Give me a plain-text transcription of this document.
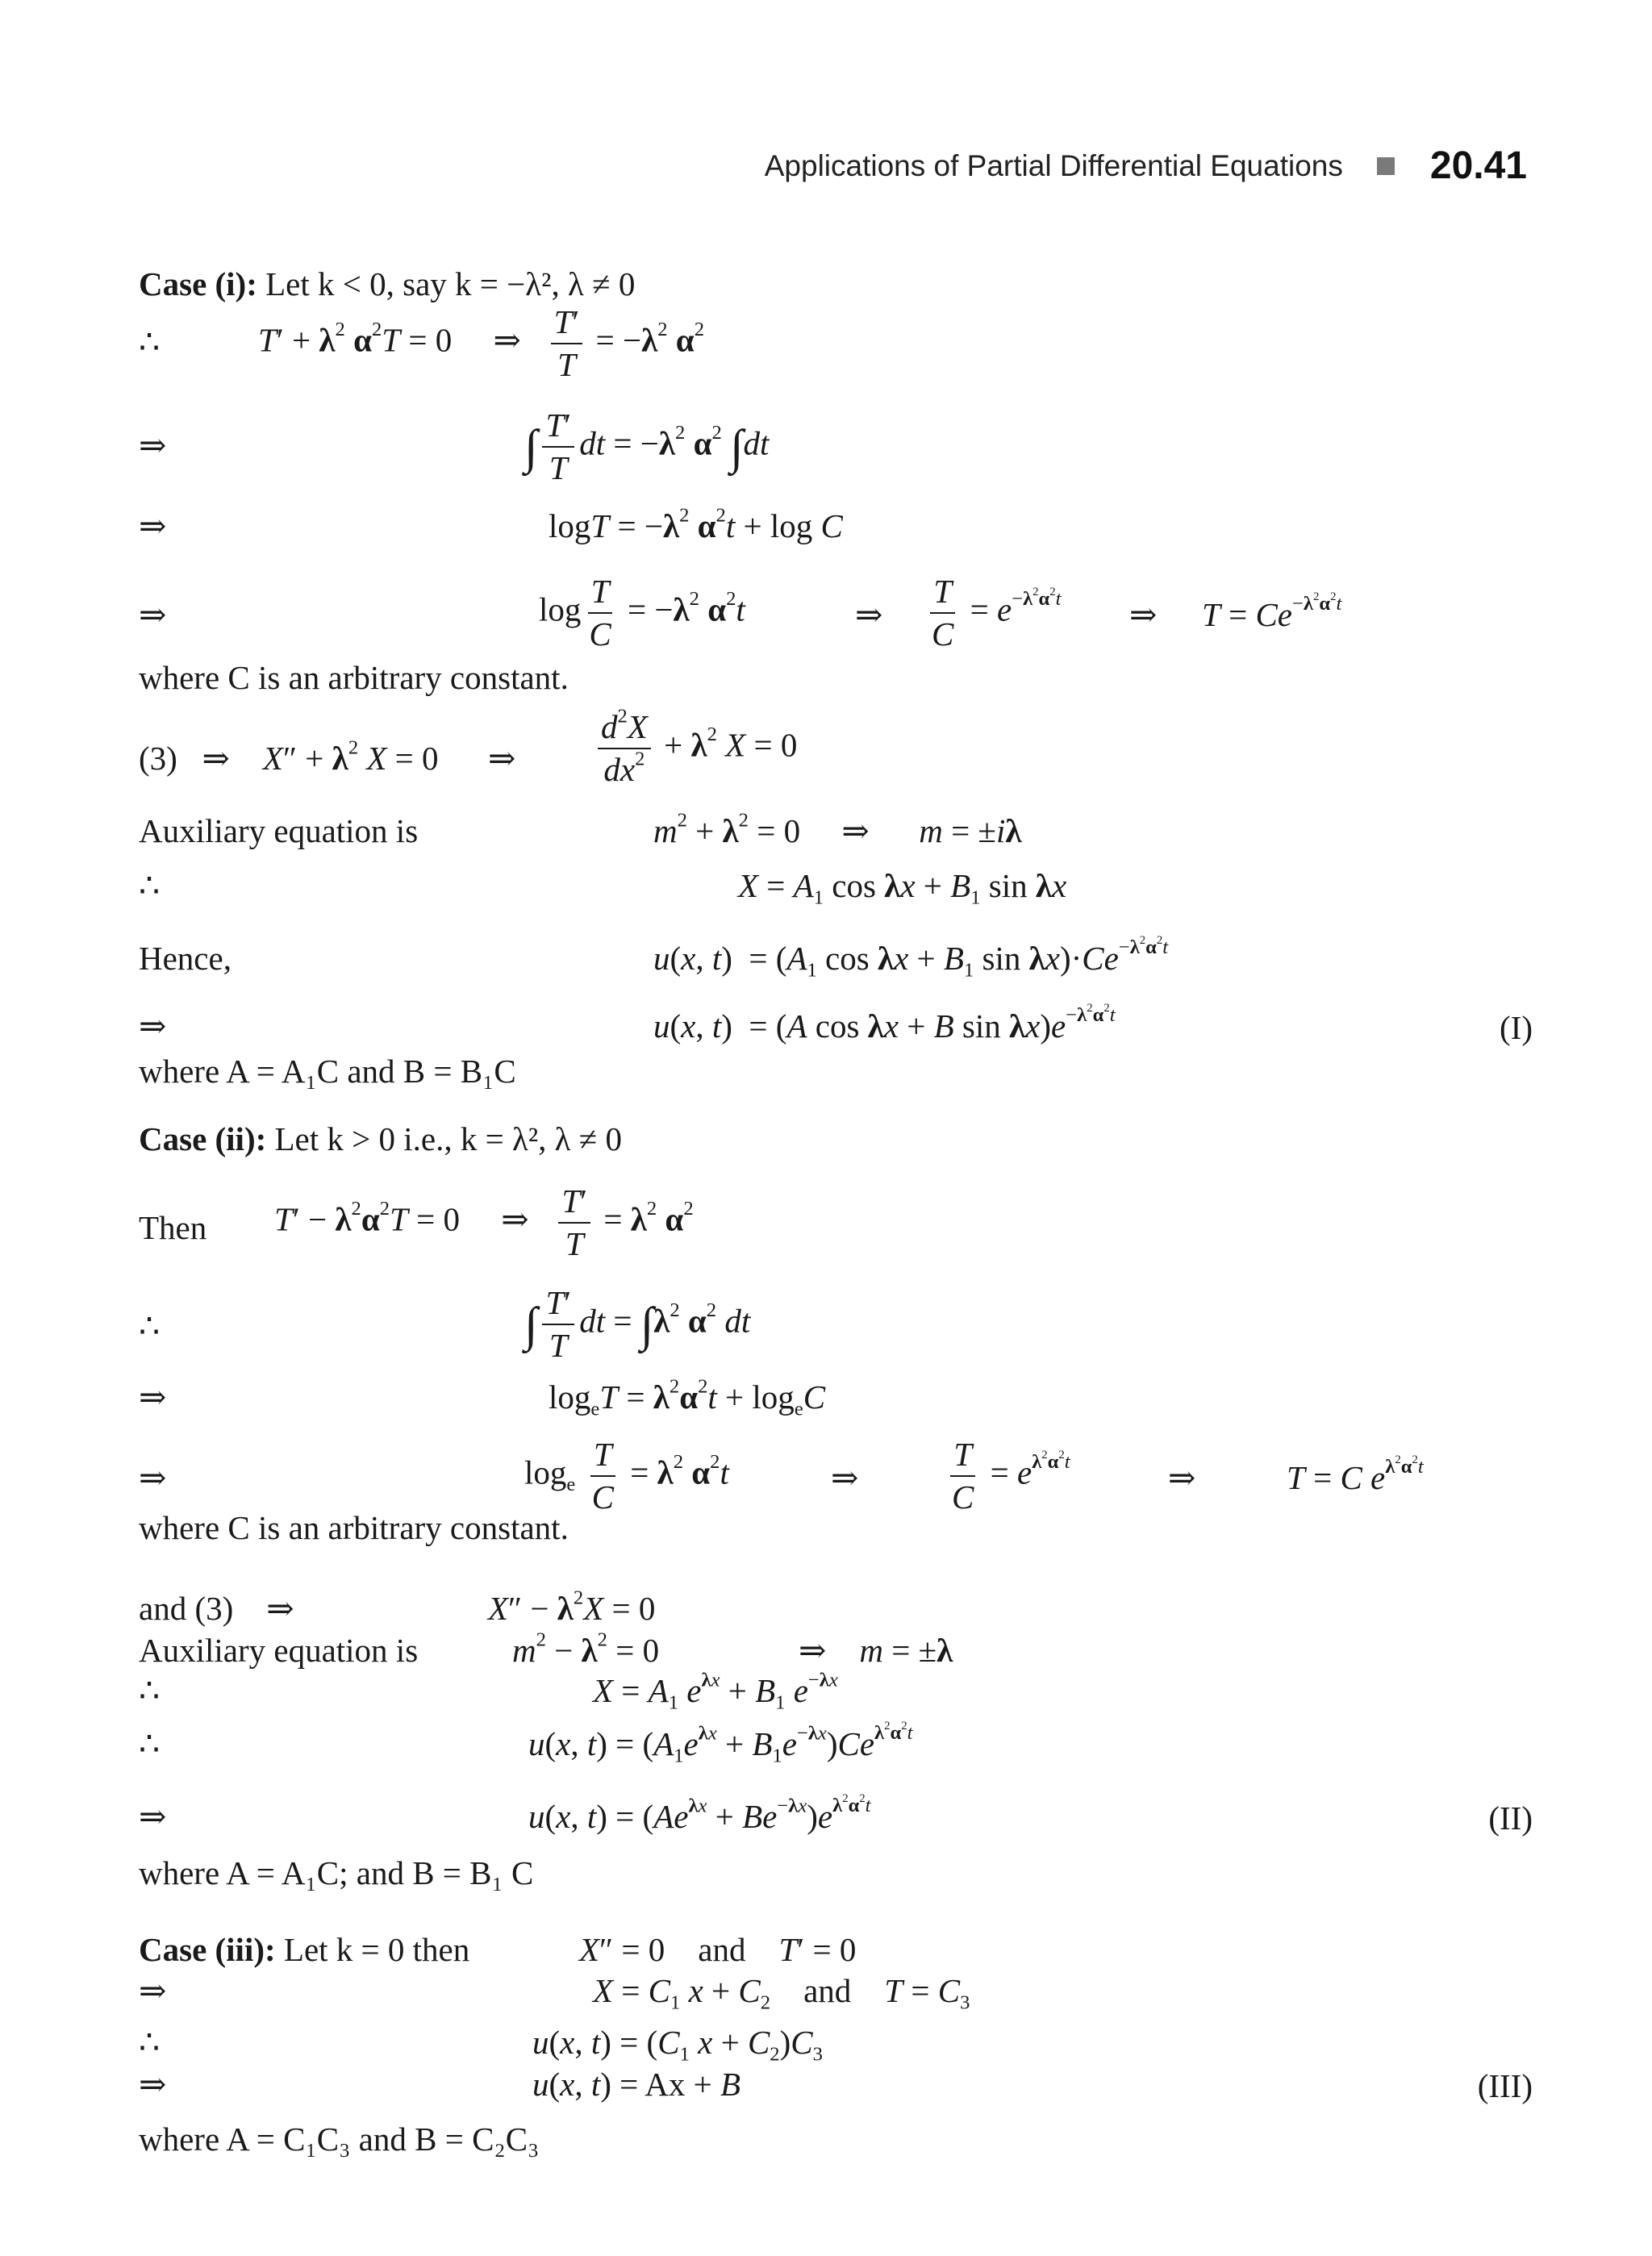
Applications of Partial Differential Equations 20.41
Case (i): Let k < 0, say k = −λ², λ ≠ 0
∴	$T' + \lambda^2$ $\alpha^2T = 0$     ⇒ $\frac{T'}{T} = -\lambda^2$ $\alpha^2$
⇒	∫ $\frac{T'}{T}$ dt = $-\lambda^2$ $\alpha^2$ ∫dt
⇒	$\log T = -\lambda^2$ $\alpha^2t + \log C$
⇒	$\log \frac{T}{C} = -\lambda^2$ $\alpha^2t$	⇒ $\frac{T}{C} = e^{-\lambda^2\alpha^2t}$ ⇒ $T = Ce^{-\lambda^2\alpha^2t}$
where C is an arbitrary constant.
(3)   ⇒    $X'' + \lambda^2$ X = 0      ⇒ $\frac{d^2X}{dx^2} + \lambda^2$ X = 0
Auxiliary equation is	$m^2 + \lambda^2 = 0$     ⇒      m = ±iλ
∴	$X = A_1$ $\cos \lambda x + B_1$ sin λx
Hence,	u(x, $t) = (A_1$ $\cos \lambda x + B_1$ $\sin \lambda x)\cdot Ce^{-\lambda^2\alpha^2t}$
⇒	u(x, t)  = (A cos λx + B $\sin \lambda x)e^{-\lambda^2\alpha^2t}$	(I)
where A = A₁C and B = B₁C
Case (ii): Let k > 0 i.e., k = λ², λ ≠ 0
Then $T' - \lambda^2\alpha^2T = 0$     ⇒ $\frac{T'}{T} = \lambda^2$ $\alpha^2$
∴	∫ $\frac{T'}{T}$ dt = $\int\lambda^2$ $\alpha^2$ dt
⇒	$\log_eT = \lambda^2\alpha^2t + \log_eC$
⇒	$\log_e \frac{T}{C} = \lambda^2$ $\alpha^2t$	⇒	$\frac{T}{C} = e^{\lambda^2\alpha^2t}$	⇒	T = C $e^{\lambda^2\alpha^2t}$
where C is an arbitrary constant.
and (3)    ⇒	$X'' - \lambda^2X = 0$
Auxiliary equation is	$m^2 - \lambda^2 = 0$	⇒    m = ±λ
∴	$X = A_1$ $e^{\lambda x} + B_1$ $e^{-\lambda x}$
∴	u(x, $t) = (A_1e^{\lambda x} + B_1e^{-\lambda x})Ce^{\lambda^2\alpha^2t}$
⇒	u(x, $t) = (Ae^{\lambda x} + Be^{-\lambda x})e^{\lambda^2\alpha^2t}$	(II)
where A = A₁C; and B = B₁ C
Case (iii): Let k = 0 then	X″ = 0    and    T′ = 0
⇒	$X = C_1$ $x + C_2$    and    $T = C_3$
∴	u(x, $t) = (C_1$ $x + C_2)C_3$
⇒	u(x, t) = Ax + B	(III)
where A = C₁C₃ and B = C₂C₃
